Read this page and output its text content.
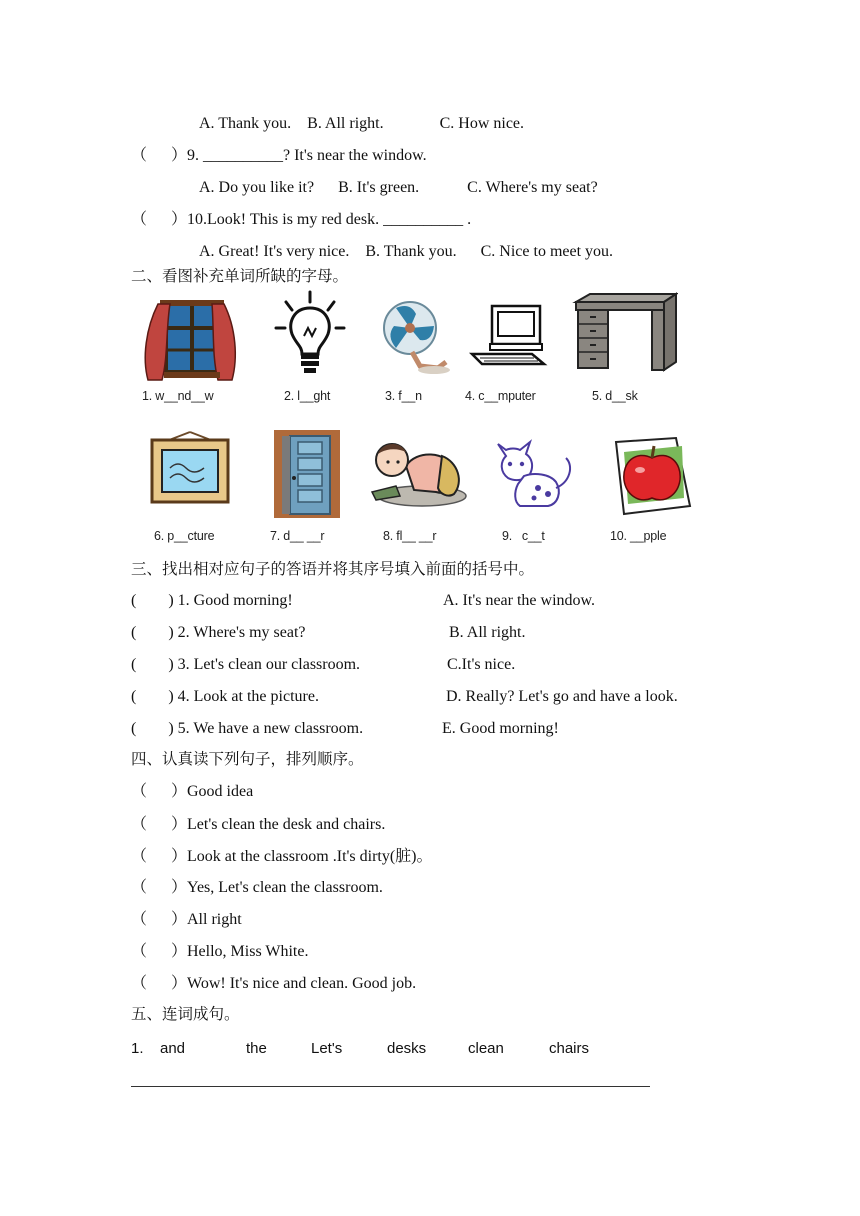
A. Thank you.    B. All right.              C. How nice.
（      ）9. __________? It's near the window.
A. Do you like it?      B. It's green.            C. Where's my seat?
（      ）10.Look! This is my red desk. __________ .
A. Great! It's very nice.    B. Thank you.      C. Nice to meet you.
二、看图补充单词所缺的字母。
1. w__nd__w	2. l__ght	3. f__n	4. c__mputer	5. d__sk
6. p__cture	7. d__ __r	8. fl__ __r	9.   c__t	10. __pple
三、找出相对应句子的答语并将其序号填入前面的括号中。
(        ) 1. Good morning!	A. It's near the window.
(        ) 2. Where's my seat?	B. All right.
(        ) 3. Let's clean our classroom.	C.It's nice.
(        ) 4. Look at the picture.	D. Really? Let's go and have a look.
(        ) 5. We have a new classroom.	E. Good morning!
四、认真读下列句子，排列顺序。
（      ）Good idea
（      ）Let's clean the desk and chairs.
（      ）Look at the classroom .It's dirty(脏)。
（      ）Yes, Let's clean the classroom.
（      ）All right
（      ）Hello, Miss White.
（      ）Wow! It's nice and clean. Good job.
五、连词成句。
1. and	the	Let's	desks	clean	chairs
